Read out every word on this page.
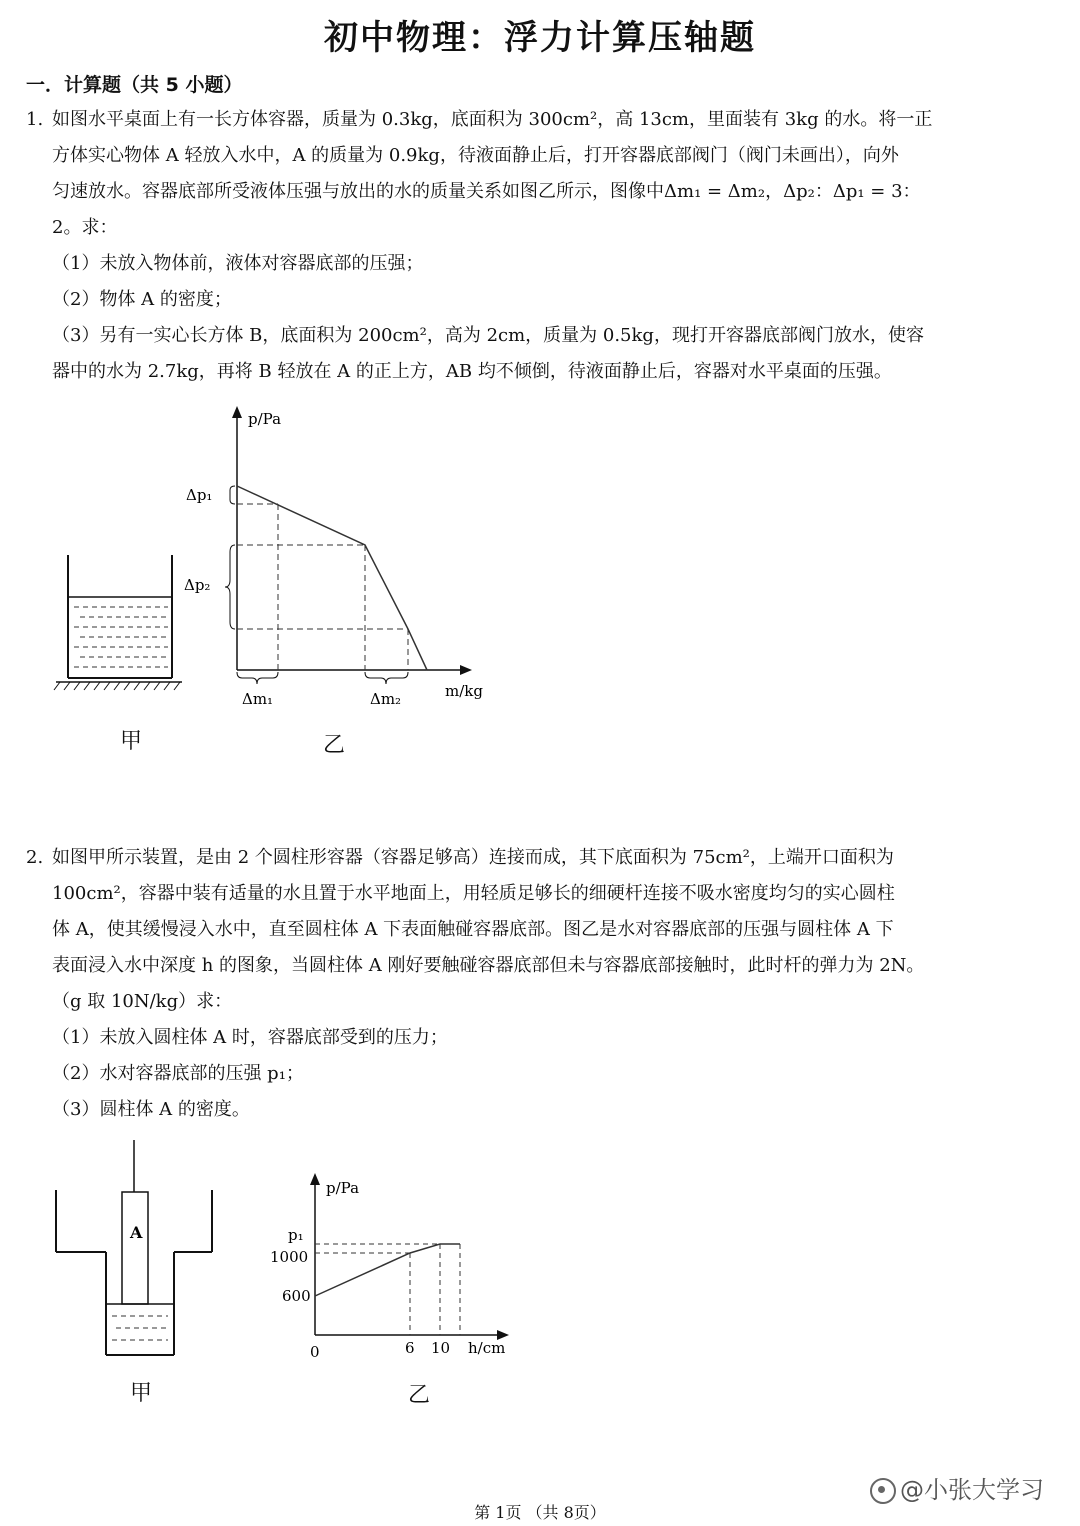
初中物理：浮力计算压轴题
一．计算题（共 5 小题）

1. 如图水平桌面上有一长方体容器，质量为 0.3kg，底面积为 300cm²，高 13cm，里面装有 3kg 的水。将一正

方体实心物体 A 轻放入水中，A 的质量为 0.9kg，待液面静止后，打开容器底部阀门（阀门未画出），向外

匀速放水。容器底部所受液体压强与放出的水的质量关系如图乙所示，图像中Δm₁ = Δm₂，Δp₂：Δp₁ = 3：

2。求：

（1）未放入物体前，液体对容器底部的压强；

（2）物体 A 的密度；

（3）另有一实心长方体 B，底面积为 200cm²，高为 2cm，质量为 0.5kg，现打开容器底部阀门放水，使容

器中的水为 2.7kg，再将 B 轻放在 A 的正上方，AB 均不倾倒，待液面静止后，容器对水平桌面的压强。

甲
p/Pa
m/kg
Δp₁
Δp₂
Δm₁	Δm₂
乙

2. 如图甲所示装置，是由 2 个圆柱形容器（容器足够高）连接而成，其下底面积为 75cm²，上端开口面积为

100cm²，容器中装有适量的水且置于水平地面上，用轻质足够长的细硬杆连接不吸水密度均匀的实心圆柱

体 A，使其缓慢浸入水中，直至圆柱体 A 下表面触碰容器底部。图乙是水对容器底部的压强与圆柱体 A 下

表面浸入水中深度 h 的图象，当圆柱体 A 刚好要触碰容器底部但未与容器底部接触时，此时杆的弹力为 2N。

（g 取 10N/kg）求：

（1）未放入圆柱体 A 时，容器底部受到的压力；

（2）水对容器底部的压强 p₁；

（3）圆柱体 A 的密度。

A
甲
p/Pa
h/cm
p₁
1000
600
0	6 10
乙
@小张大学习
第 1页 （共 8页）
